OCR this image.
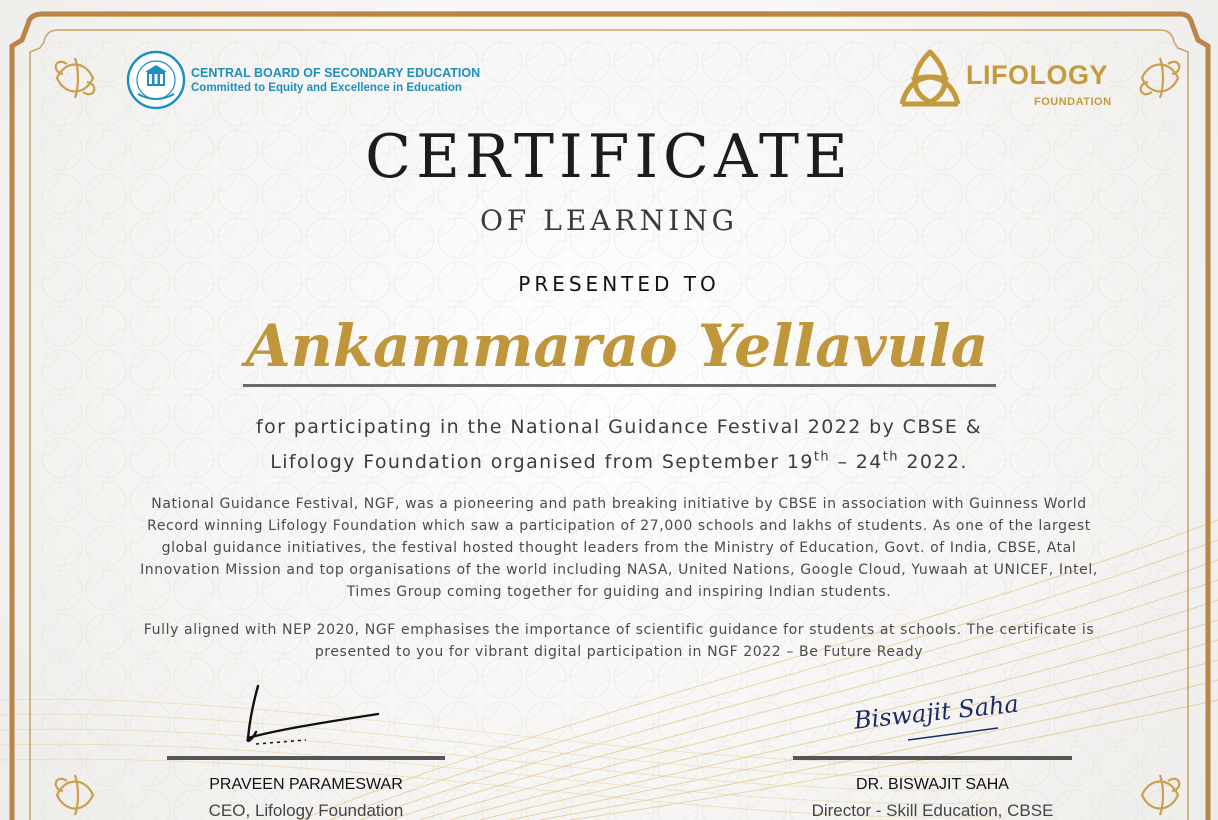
CENTRAL BOARD OF SECONDARY EDUCATION
Committed to Equity and Excellence in Education	LIFOLOGY
FOUNDATION
CERTIFICATE
OF LEARNING
PRESENTED TO
Ankammarao Yellavula
for participating in the National Guidance Festival 2022 by CBSE &
Lifology Foundation organised from September 19th – 24th 2022.
National Guidance Festival, NGF, was a pioneering and path breaking initiative by CBSE in association with Guinness World Record winning Lifology Foundation which saw a participation of 27,000 schools and lakhs of students. As one of the largest global guidance initiatives, the festival hosted thought leaders from the Ministry of Education, Govt. of India, CBSE, Atal Innovation Mission and top organisations of the world including NASA, United Nations, Google Cloud, Yuwaah at UNICEF, Intel, Times Group coming together for guiding and inspiring Indian students.
Fully aligned with NEP 2020, NGF emphasises the importance of scientific guidance for students at schools. The certificate is presented to you for vibrant digital participation in NGF 2022 – Be Future Ready
PRAVEEN PARAMESWAR
CEO, Lifology Foundation
Biswajit Saha
DR. BISWAJIT SAHA
Director - Skill Education, CBSE
